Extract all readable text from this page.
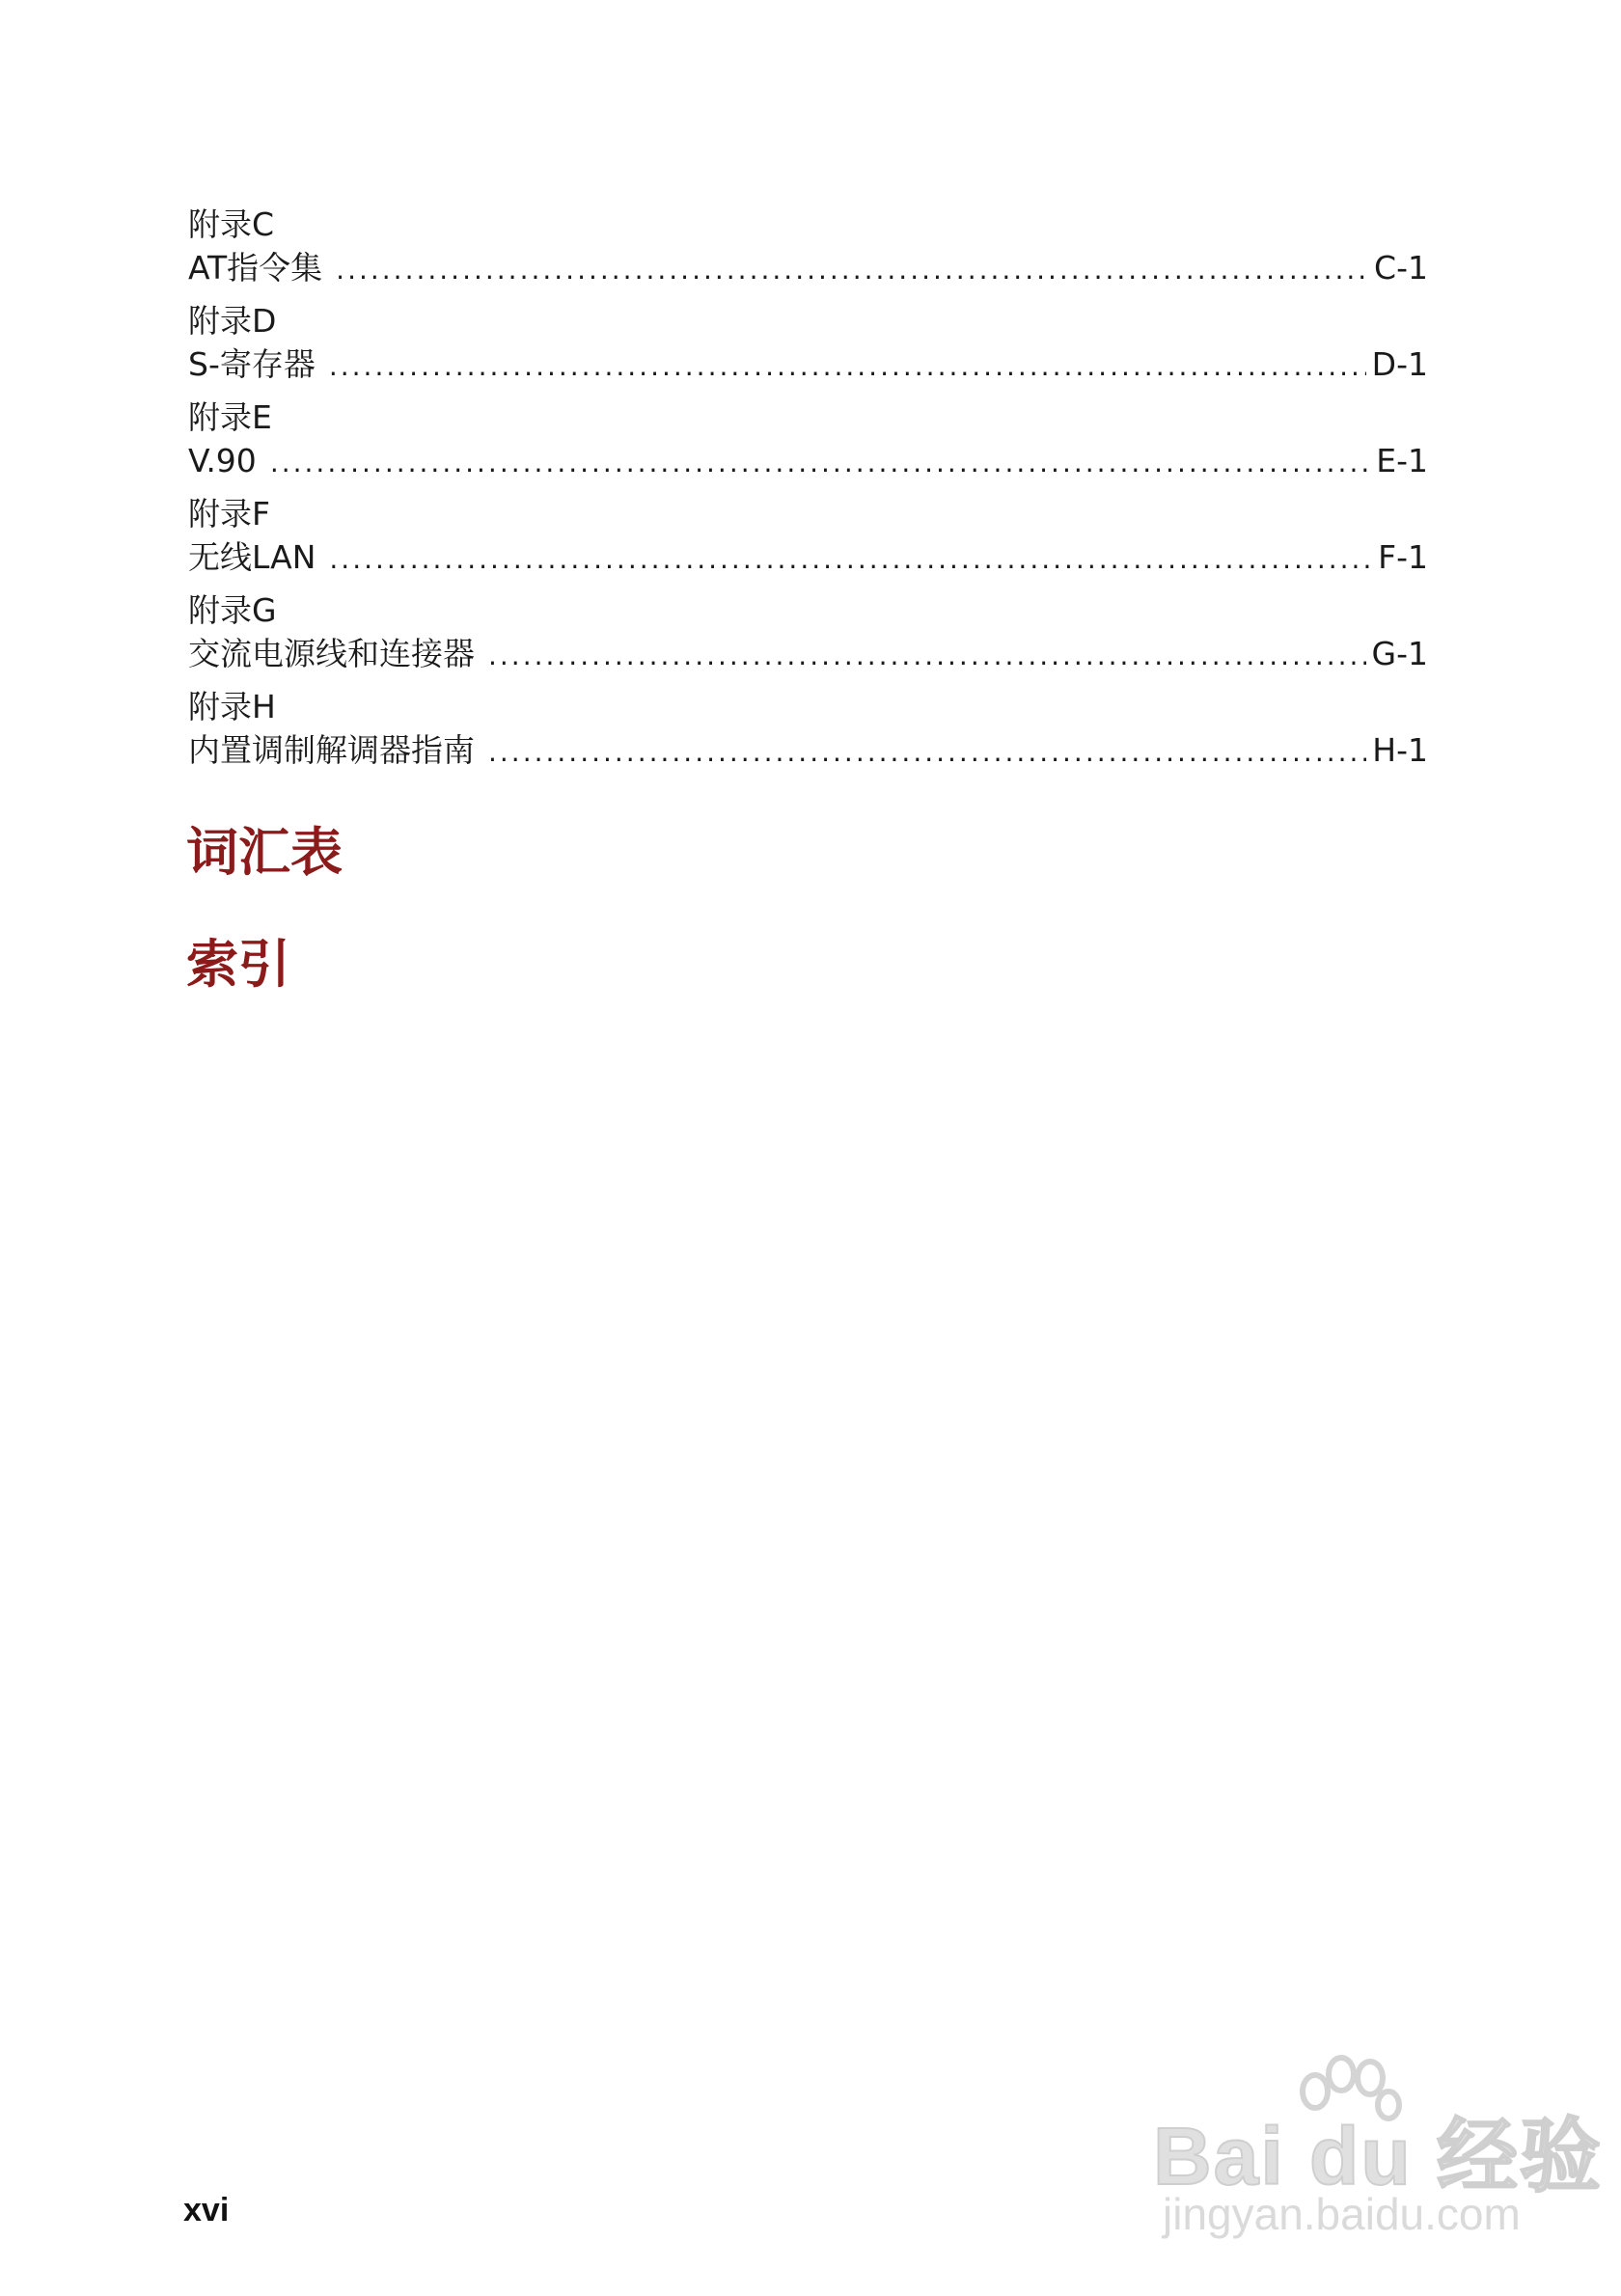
附录C
AT指令集 .....	C-1
附录D
S-寄存器 .....	D-1
附录E
V.90 .....	E-1
附录F
无线LAN .....	F-1
附录G
交流电源线和连接器 .....	G-1
附录H
内置调制解调器指南 .....	H-1
词汇表
索引
xvi
Bai du 经验
jingyan.baidu.com
